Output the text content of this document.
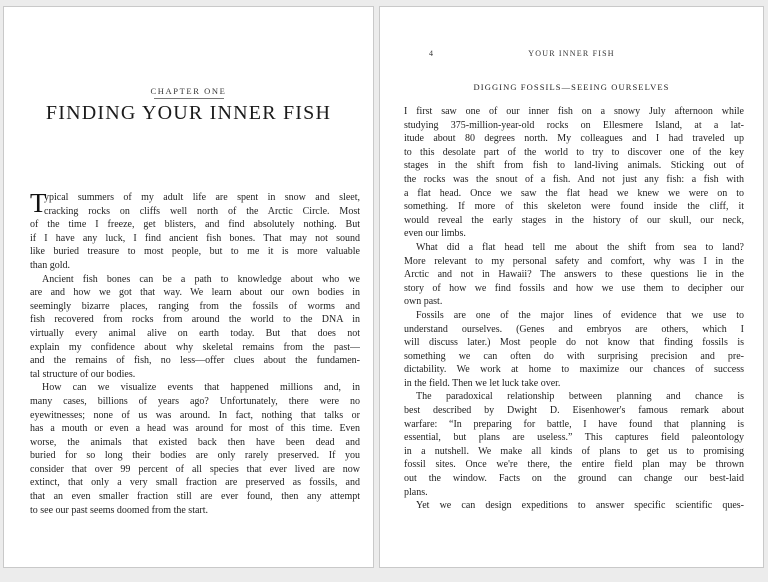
CHAPTER ONE
FINDING YOUR INNER FISH
T
ypical summers of my adult life are spent in snow and sleet,
cracking rocks on cliffs well north of the Arctic Circle. Most
of the time I freeze, get blisters, and find absolutely nothing. But
if I have any luck, I find ancient fish bones. That may not sound
like buried treasure to most people, but to me it is more valuable
than gold.
Ancient fish bones can be a path to knowledge about who we
are and how we got that way. We learn about our own bodies in
seemingly bizarre places, ranging from the fossils of worms and
fish recovered from rocks from around the world to the DNA in
virtually every animal alive on earth today. But that does not
explain my confidence about why skeletal remains from the past—
and the remains of fish, no less—offer clues about the fundamen-
tal structure of our bodies.
How can we visualize events that happened millions and, in
many cases, billions of years ago? Unfortunately, there were no
eyewitnesses; none of us was around. In fact, nothing that talks or
has a mouth or even a head was around for most of this time. Even
worse, the animals that existed back then have been dead and
buried for so long their bodies are only rarely preserved. If you
consider that over 99 percent of all species that ever lived are now
extinct, that only a very small fraction are preserved as fossils, and
that an even smaller fraction still are ever found, then any attempt
to see our past seems doomed from the start.
4	YOUR INNER FISH
DIGGING FOSSILS—SEEING OURSELVES
I first saw one of our inner fish on a snowy July afternoon while
studying 375-million-year-old rocks on Ellesmere Island, at a lat-
itude about 80 degrees north. My colleagues and I had traveled up
to this desolate part of the world to try to discover one of the key
stages in the shift from fish to land-living animals. Sticking out of
the rocks was the snout of a fish. And not just any fish: a fish with
a flat head. Once we saw the flat head we knew we were on to
something. If more of this skeleton were found inside the cliff, it
would reveal the early stages in the history of our skull, our neck,
even our limbs.
What did a flat head tell me about the shift from sea to land?
More relevant to my personal safety and comfort, why was I in the
Arctic and not in Hawaii? The answers to these questions lie in the
story of how we find fossils and how we use them to decipher our
own past.
Fossils are one of the major lines of evidence that we use to
understand ourselves. (Genes and embryos are others, which I
will discuss later.) Most people do not know that finding fossils is
something we can often do with surprising precision and pre-
dictability. We work at home to maximize our chances of success
in the field. Then we let luck take over.
The paradoxical relationship between planning and chance is
best described by Dwight D. Eisenhower's famous remark about
warfare: “In preparing for battle, I have found that planning is
essential, but plans are useless.” This captures field paleontology
in a nutshell. We make all kinds of plans to get us to promising
fossil sites. Once we're there, the entire field plan may be thrown
out the window. Facts on the ground can change our best-laid
plans.
Yet we can design expeditions to answer specific scientific ques-
